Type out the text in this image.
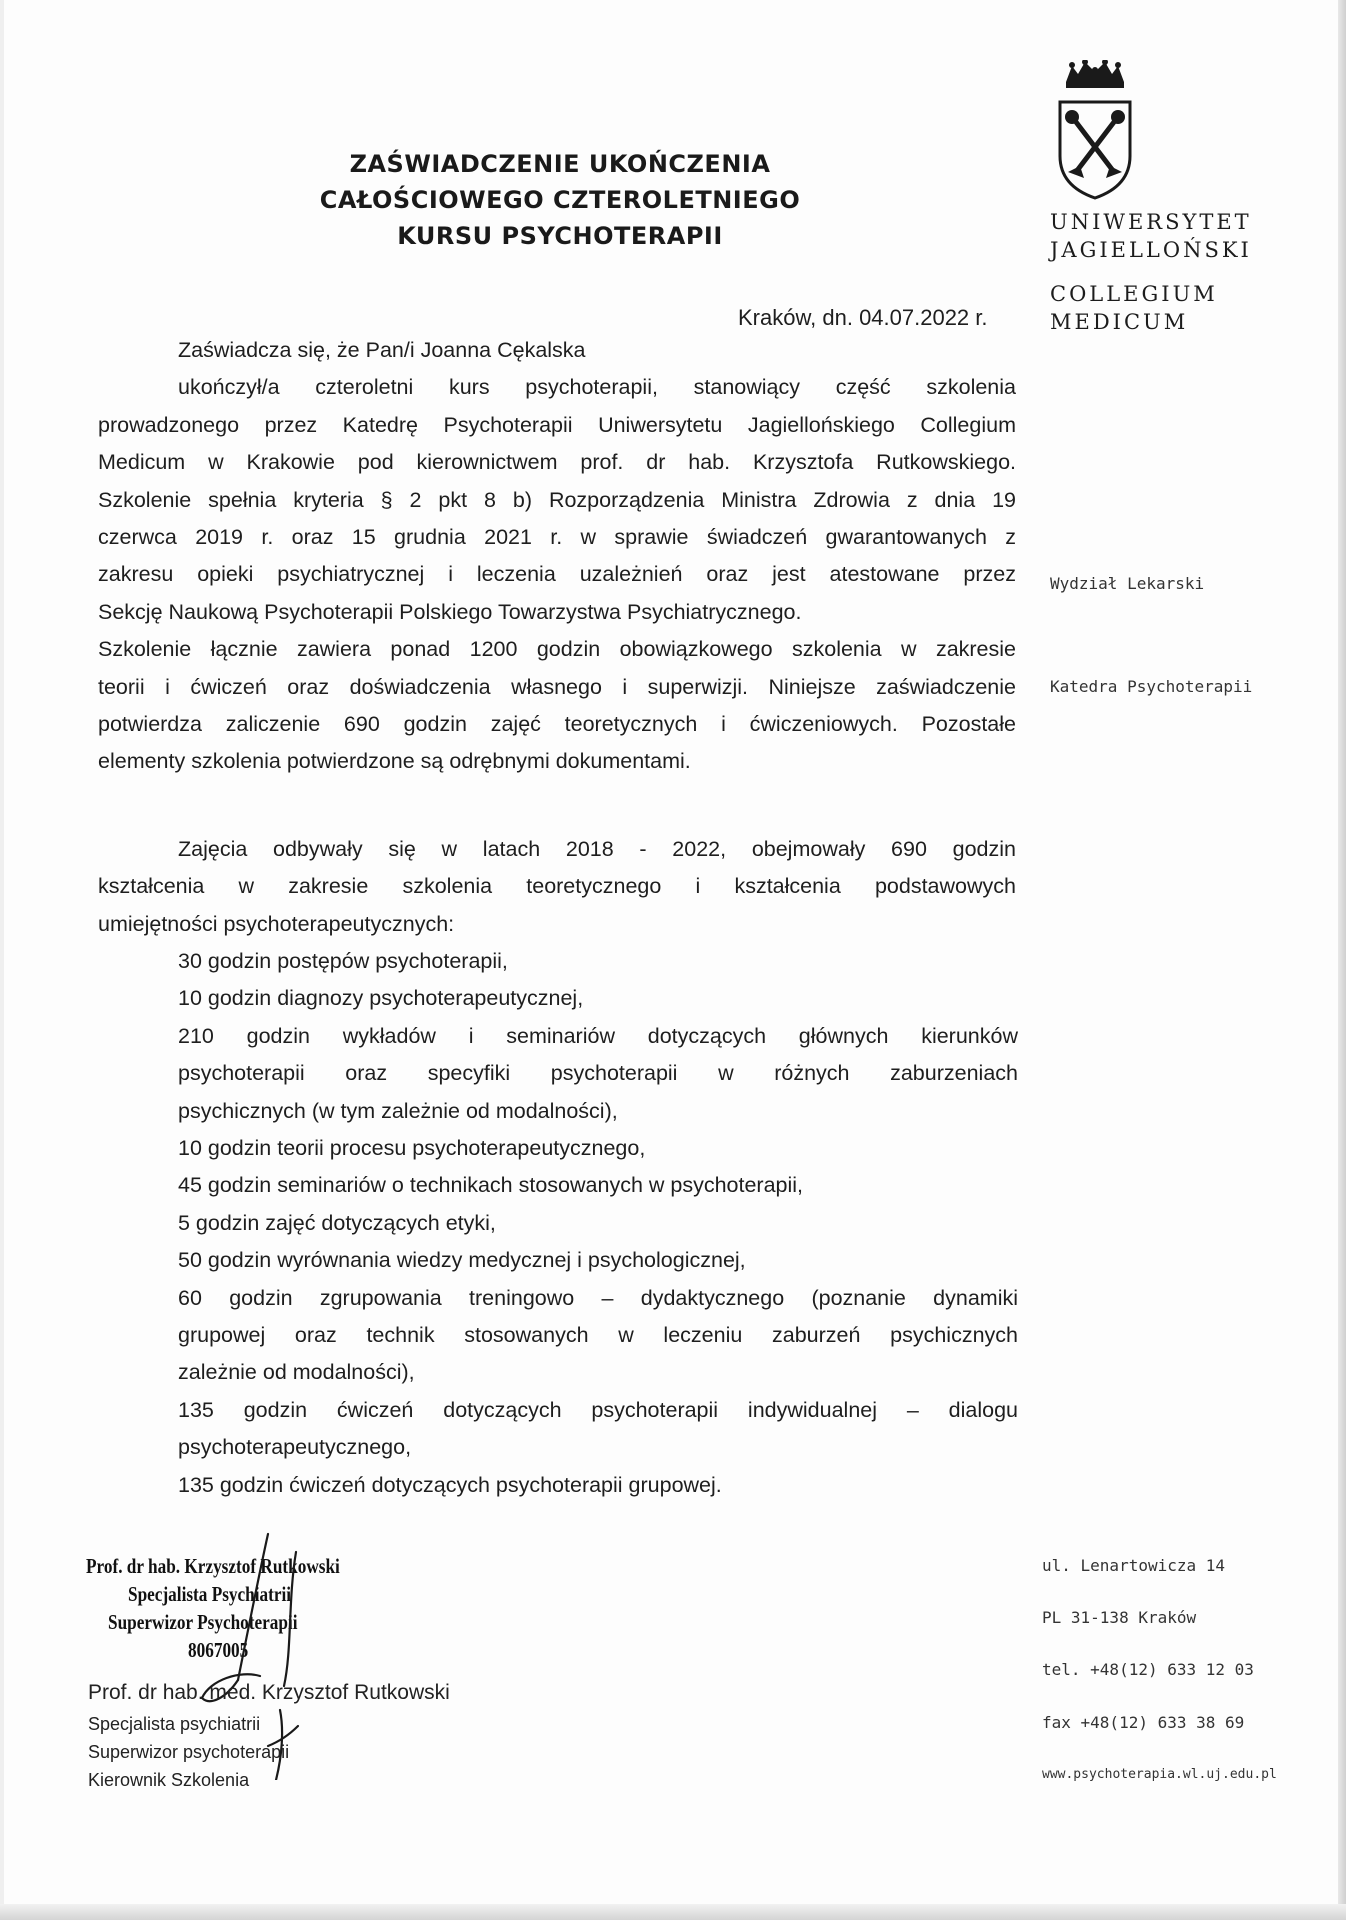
ZAŚWIADCZENIE UKOŃCZENIA
CAŁOŚCIOWEGO CZTEROLETNIEGO
KURSU PSYCHOTERAPII	UNIWERSYTET
JAGIELLOŃSKI
COLLEGIUM
MEDICUM
Wydział Lekarski
Katedra Psychoterapii
ul. Lenartowicza 14
PL 31-138 Kraków
tel. +48(12) 633 12 03
fax +48(12) 633 38 69
www.psychoterapia.wl.uj.edu.pl
Kraków, dn. 04.07.2022 r.
Zaświadcza się, że Pan/i Joanna Cękalska
ukończył/a czteroletni kurs psychoterapii, stanowiący część szkolenia
prowadzonego przez Katedrę Psychoterapii Uniwersytetu Jagiellońskiego Collegium
Medicum w Krakowie pod kierownictwem prof. dr hab. Krzysztofa Rutkowskiego.
Szkolenie spełnia kryteria § 2 pkt 8 b) Rozporządzenia Ministra Zdrowia z dnia 19
czerwca 2019 r. oraz 15 grudnia 2021 r. w sprawie świadczeń gwarantowanych z
zakresu opieki psychiatrycznej i leczenia uzależnień oraz jest atestowane przez
Sekcję Naukową Psychoterapii Polskiego Towarzystwa Psychiatrycznego.
Szkolenie łącznie zawiera ponad 1200 godzin obowiązkowego szkolenia w zakresie
teorii i ćwiczeń oraz doświadczenia własnego i superwizji. Niniejsze zaświadczenie
potwierdza zaliczenie 690 godzin zajęć teoretycznych i ćwiczeniowych. Pozostałe
elementy szkolenia potwierdzone są odrębnymi dokumentami.
Zajęcia odbywały się w latach 2018 - 2022, obejmowały 690 godzin
kształcenia w zakresie szkolenia teoretycznego i kształcenia podstawowych
umiejętności psychoterapeutycznych:
30 godzin postępów psychoterapii,
10 godzin diagnozy psychoterapeutycznej,
210 godzin wykładów i seminariów dotyczących głównych kierunków
psychoterapii oraz specyfiki psychoterapii w różnych zaburzeniach
psychicznych (w tym zależnie od modalności),
10 godzin teorii procesu psychoterapeutycznego,
45 godzin seminariów o technikach stosowanych w psychoterapii,
5 godzin zajęć dotyczących etyki,
50 godzin wyrównania wiedzy medycznej i psychologicznej,
60 godzin zgrupowania treningowo – dydaktycznego (poznanie dynamiki
grupowej oraz technik stosowanych w leczeniu zaburzeń psychicznych
zależnie od modalności),
135 godzin ćwiczeń dotyczących psychoterapii indywidualnej – dialogu
psychoterapeutycznego,
135 godzin ćwiczeń dotyczących psychoterapii grupowej.
Prof. dr hab. Krzysztof Rutkowski
Specjalista Psychiatrii
Superwizor Psychoterapii
8067005
Prof. dr hab. med. Krzysztof Rutkowski
Specjalista psychiatrii
Superwizor psychoterapii
Kierownik Szkolenia
